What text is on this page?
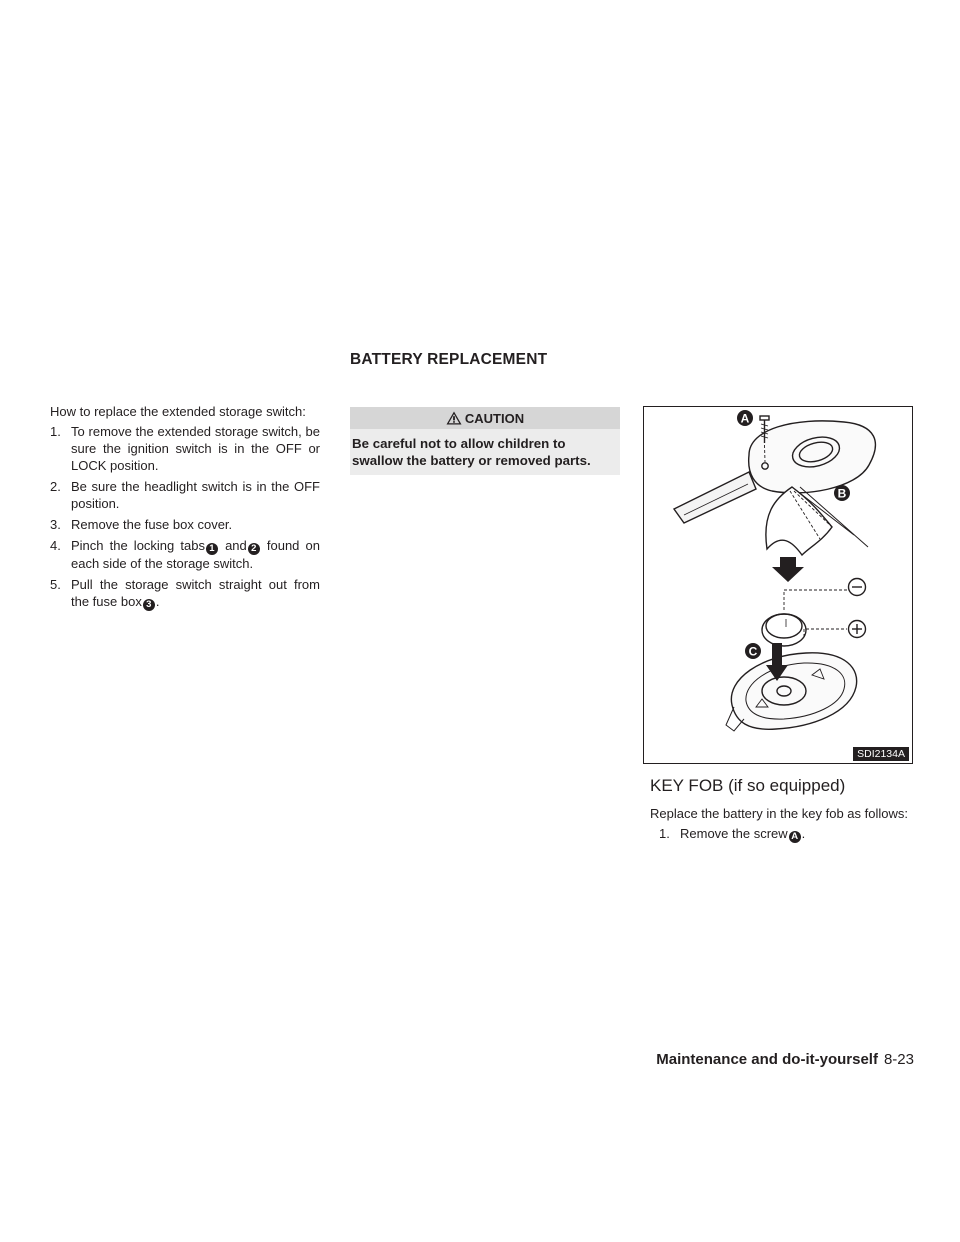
BATTERY REPLACEMENT

How to replace the extended storage switch:

1. To remove the extended storage switch, be sure the ignition switch is in the OFF or LOCK position.
2. Be sure the headlight switch is in the OFF position.
3. Remove the fuse box cover.
4. Pinch the locking tabs 1 and 2 found on each side of the storage switch.
5. Pull the storage switch straight out from the fuse box 3 .
CAUTION
Be careful not to allow children to swallow the battery or removed parts.
A
B
C
SDI2134A
KEY FOB (if so equipped)

Replace the battery in the key fob as follows:

1. Remove the screw A .
Maintenance and do-it-yourself 8-23
